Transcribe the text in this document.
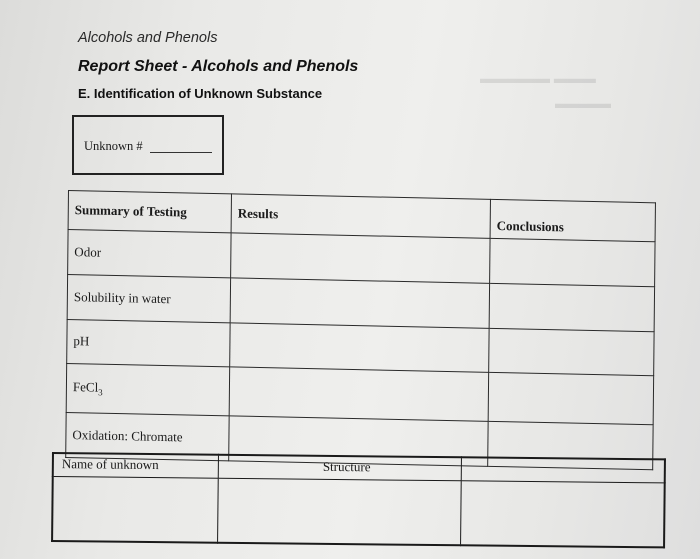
▬▬▬▬▬ ▬▬▬
▬▬▬▬
Alcohols and Phenols
Report Sheet - Alcohols and Phenols
E. Identification of Unknown Substance
Unknown #
Summary of Testing	Results	Conclusions
Odor		
Solubility in water		
pH		
FeCl$_3$		
Oxidation: Chromate		
Name of unknown	Structure	
